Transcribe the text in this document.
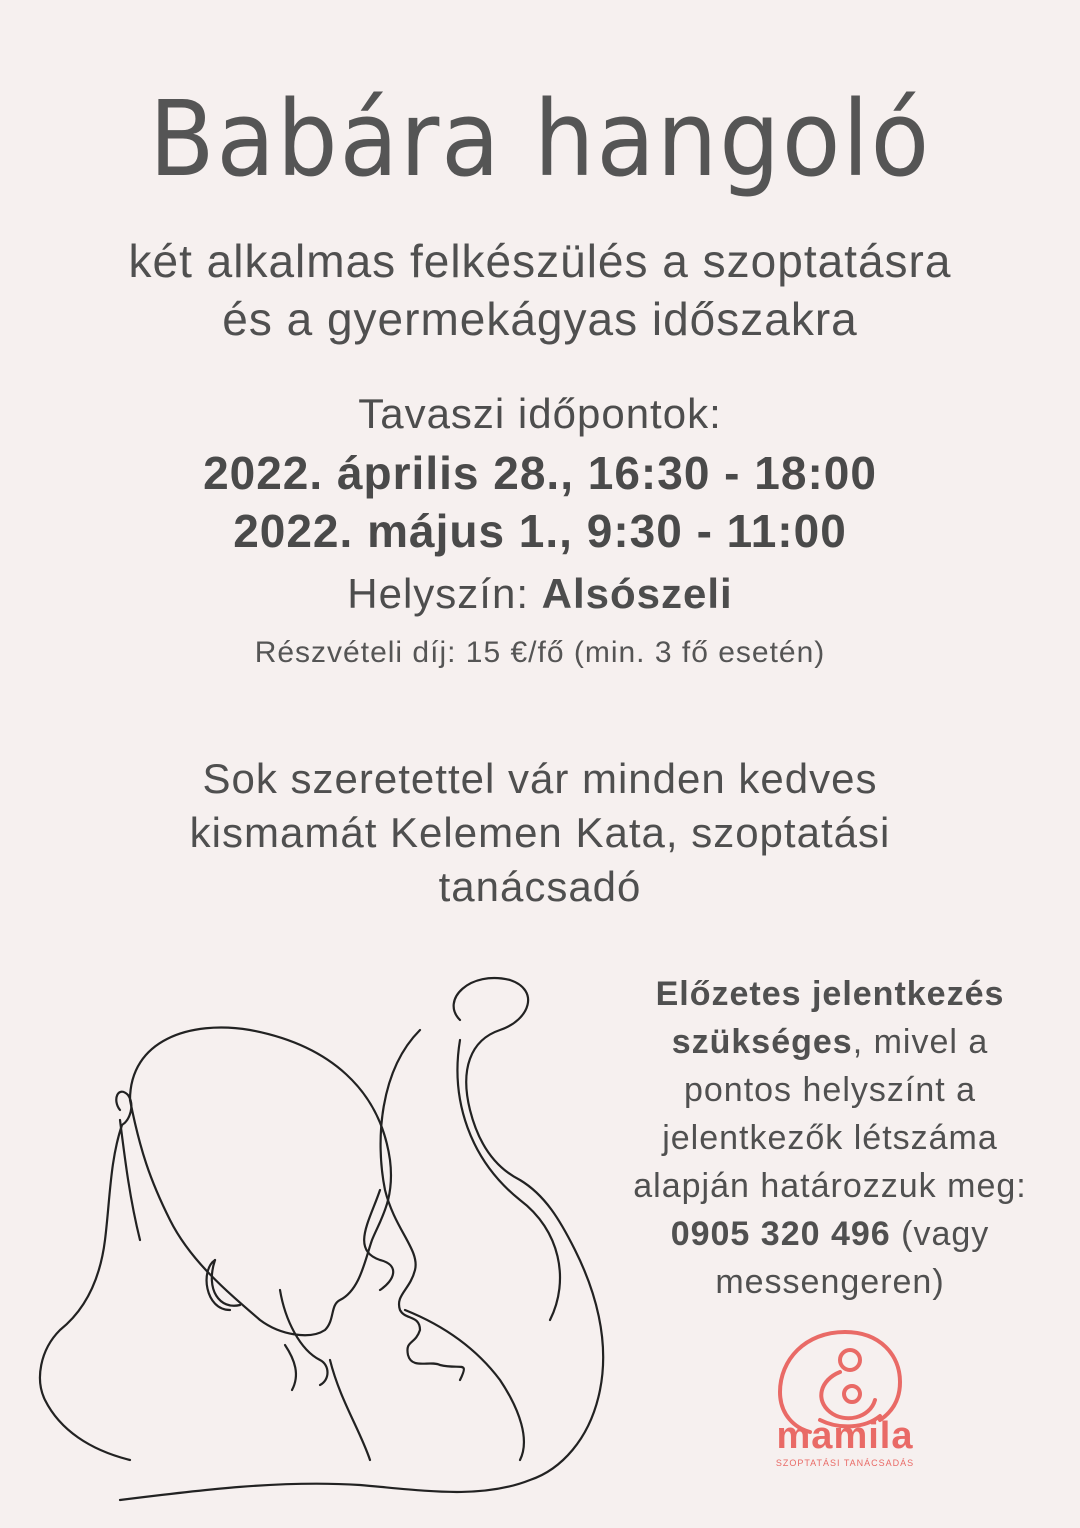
Babára hangoló
két alkalmas felkészülés a szoptatásra
és a gyermekágyas időszakra
Tavaszi időpontok:
2022. április 28., 16:30 - 18:00
2022. május 1., 9:30 - 11:00
Helyszín: Alsószeli
Részvételi díj: 15 €/fő (min. 3 fő esetén)
Sok szeretettel vár minden kedves
kismamát Kelemen Kata, szoptatási
tanácsadó
Előzetes jelentkezés szükséges, mivel a pontos helyszínt a jelentkezők létszáma alapján határozzuk meg: 0905 320 496 (vagy messengeren)
mamila
SZOPTATÁSI TANÁCSADÁS
